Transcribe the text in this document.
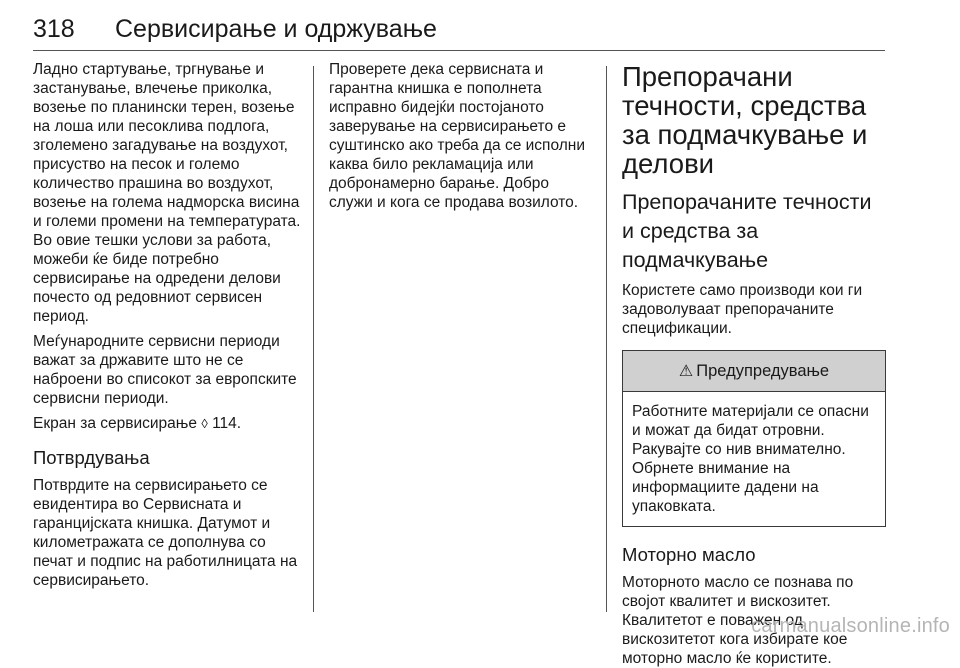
318 Сервисирање и одржување

Ладно стартување, тргнување и застанување, влечење приколка, возење по планински терен, возење на лоша или песоклива подлога, зголемено загадување на воздухот, присуство на песок и големо количество прашина во воздухот, возење на голема надморска висина и големи промени на температурата. Во овие тешки услови за работа, можеби ќе биде потребно сервисирање на одредени делови почесто од редовниот сервисен период.

Меѓународните сервисни периоди важат за државите што не се наброени во списокот за европските сервисни периоди.

Екран за сервисирање ◊ 114.

Потврдувања

Потврдите на сервисирањето се евидентира во Сервисната и гаранцијската книшка. Датумот и километражата се дополнува со печат и подпис на работилницата на сервисирањето.

Проверете дека сервисната и гарантна книшка е пополнета исправно бидејќи постојаното заверување на сервисирањето е суштинско ако треба да се исполни каква било рекламација или добронамерно барање. Добро служи и кога се продава возилото.

Препорачани течности, средства за подмачкување и делови
Препорачаните течности и средства за подмачкување

Користете само производи кои ги задоволуваат препорачаните спецификации.

⚠ Предупредување

Работните материјали се опасни и можат да бидат отровни. Ракувајте со нив внимателно. Обрнете внимание на информациите дадени на упаковката.

Моторно масло

Моторното масло се познава по својот квалитет и вискозитет. Квалитетот е поважен од вискозитетот кога избирате кое моторно масло ќе користите.

carmanualsonline.info
